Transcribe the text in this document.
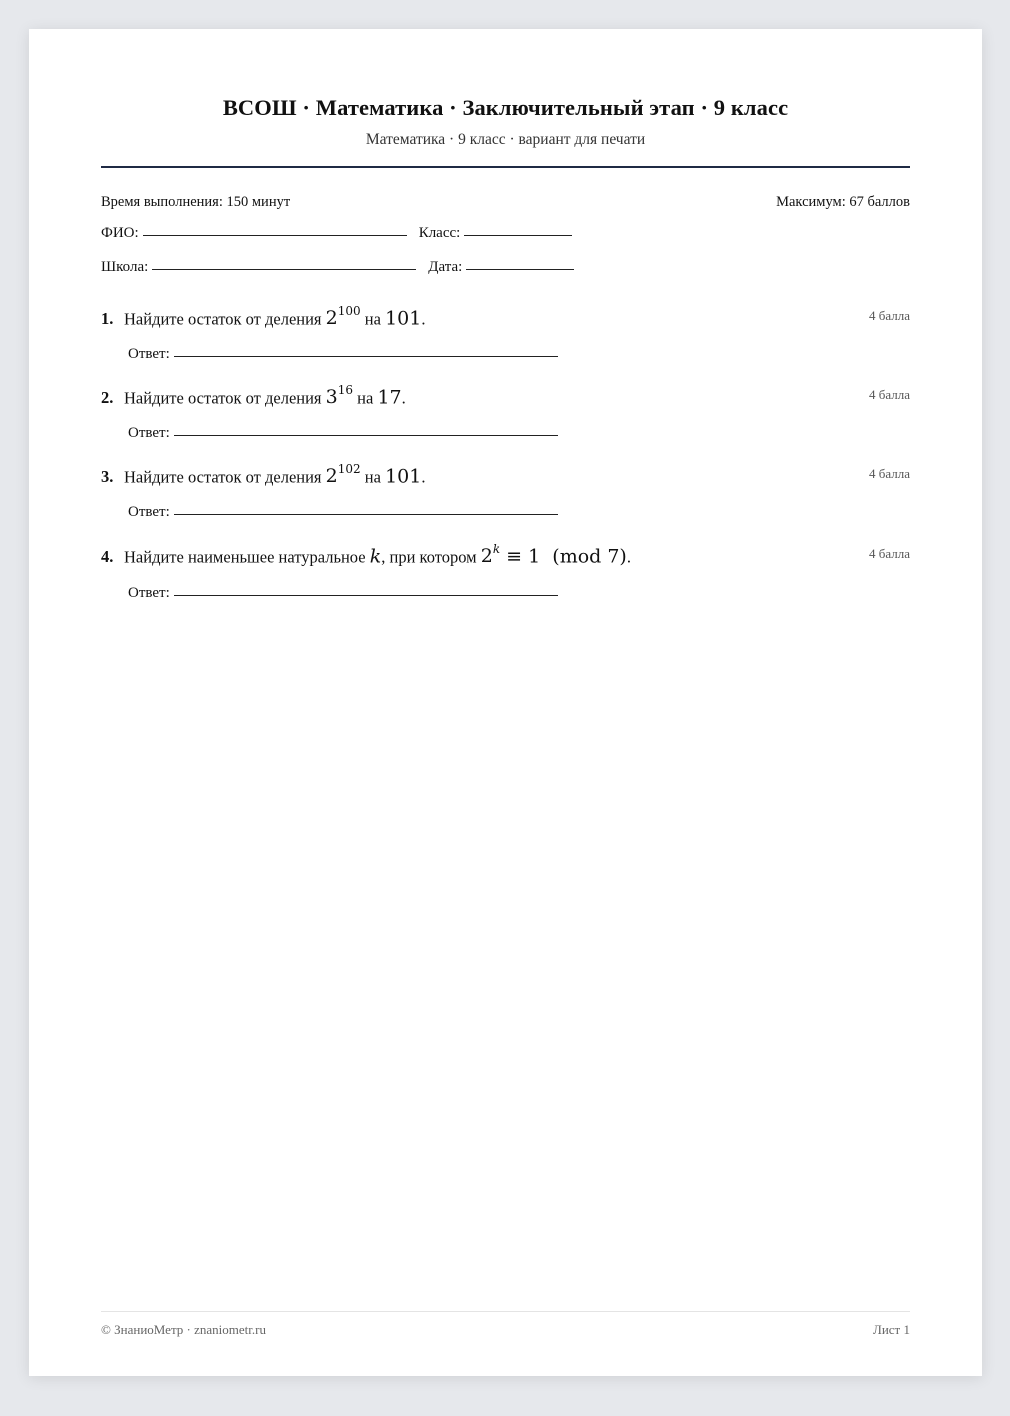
ВСОШ · Математика · Заключительный этап · 9 класс
Математика · 9 класс · вариант для печати
Время выполнения: 150 минут	Максимум: 67 баллов
ФИО:	Класс:
Школа:	Дата:
1. Найдите остаток от деления $2^{100}$ на 101.	4 балла
Ответ:
2. Найдите остаток от деления $3^{16}$ на 17.	4 балла
Ответ:
3. Найдите остаток от деления $2^{102}$ на 101.	4 балла
Ответ:
4. Найдите наименьшее натуральное k, при котором $2^k \equiv 1$  (mod 7).	4 балла
Ответ:
© ЗнаниоМетр · znaniometr.ru	Лист 1
